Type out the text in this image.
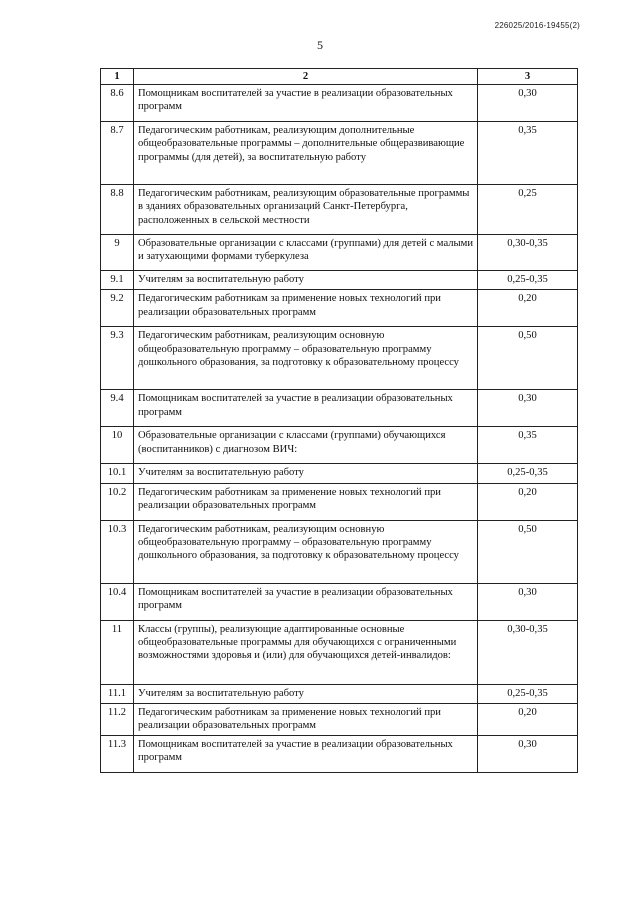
226025/2016-19455(2)
5
1	2	3
8.6	Помощникам воспитателей за участие в реализации образовательных программ	0,30
8.7	Педагогическим работникам, реализующим дополнительные общеобразовательные программы – дополнительные общеразвивающие программы (для детей), за воспитательную работу	0,35
8.8	Педагогическим работникам, реализующим образовательные программы в зданиях образовательных организаций Санкт-Петербурга, расположенных в сельской местности	0,25
9	Образовательные организации с классами (группами) для детей с малыми и затухающими формами туберкулеза	0,30-0,35
9.1	Учителям за воспитательную работу	0,25-0,35
9.2	Педагогическим работникам за применение новых технологий при реализации образовательных программ	0,20
9.3	Педагогическим работникам, реализующим основную общеобразовательную программу – образовательную программу дошкольного образования, за подготовку к образовательному процессу	0,50
9.4	Помощникам воспитателей за участие в реализации образовательных программ	0,30
10	Образовательные организации с классами (группами) обучающихся (воспитанников) с диагнозом ВИЧ:	0,35
10.1	Учителям за воспитательную работу	0,25-0,35
10.2	Педагогическим работникам за применение новых технологий при реализации образовательных программ	0,20
10.3	Педагогическим работникам, реализующим основную общеобразовательную программу – образовательную программу дошкольного образования, за подготовку к образовательному процессу	0,50
10.4	Помощникам воспитателей за участие в реализации образовательных программ	0,30
11	Классы (группы), реализующие адаптированные основные общеобразовательные программы для обучающихся с ограниченными возможностями здоровья и (или) для обучающихся детей-инвалидов:	0,30-0,35
11.1	Учителям за воспитательную работу	0,25-0,35
11.2	Педагогическим работникам за применение новых технологий при реализации образовательных программ	0,20
11.3	Помощникам воспитателей за участие в реализации образовательных программ	0,30
